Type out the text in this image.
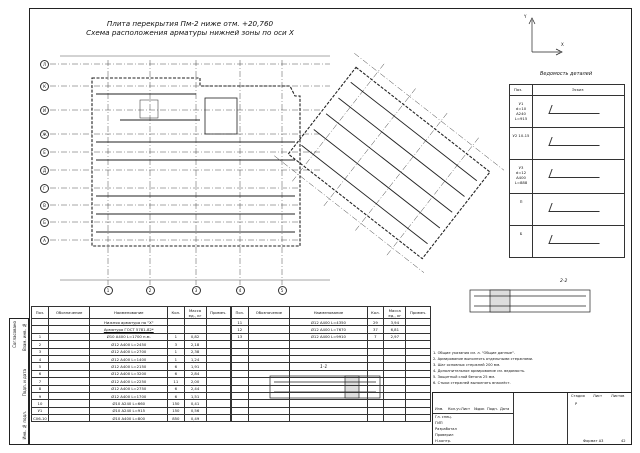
Плита перекрытия Пм-2 ниже отм. +20,760
Схема расположения арматуры нижней зоны по оси Х
Л
К
И
Ж
Е
Д
Г
В
Б
А
1	2	3	4	5
X
Y
Ведомость деталей
Поз.	Эскиз
У1
d=10 A240
L=915
У2 10-15
У3
d=12 A400
L=888
П
Б
2-2
1-1
Поз.	Обозначение	Наименование	Кол.	Масса ед., кг	Примеч.
		Нижняя арматура по "Х"			
		Арматура ГОСТ 5781-82*			
1		Ø10 А400 L=1700 п.м.	1	0,82	
2		Ø12 А400 L=2450	3	2,18	
3		Ø12 А400 L=2700	1	2,38	
4		Ø12 А400 L=1400	1	1,24	
5		Ø12 А400 L=2150	6	1,91	
6		Ø12 А400 L=3200	6	2,84	
7		Ø12 А400 L=2250	11	2,00	
8		Ø12 А400 L=2750	6	2,44	
9		Ø12 А400 L=1700	6	1,51	
10		Ø10 А240 L=660	150	0,41	
У1		Ø10 А240 L=915	150	0,56	
С06-10		Ø10 А400 L=800	850	0,49	
Поз.	Обозначение	Наименование	Кол.	Масса ед., кг	Примеч.
11		Ø12 А400 L=4350	29	3,94	
12		Ø12 А400 L=7670	37	6,81	
13		Ø12 А400 L=9910	7	2,97	

1. Общие указания см. л. "Общие данные".
2. Армирование выполнять отдельными стержнями.
3. Шаг основных стержней 200 мм.
4. Дополнительное армирование см. ведомость.
5. Защитный слой бетона 25 мм.
6. Стыки стержней выполнять внахлёст.
Изм. Кол.уч Лист №док Подп. Дата
Гл. спец.
ГИП
Разработал
Проверил
Н.контр.
Стадия Лист Листов
Р
42
Формат А3
Согласовано Взам. инв. №
Подп. и дата
Инв. № подл.
